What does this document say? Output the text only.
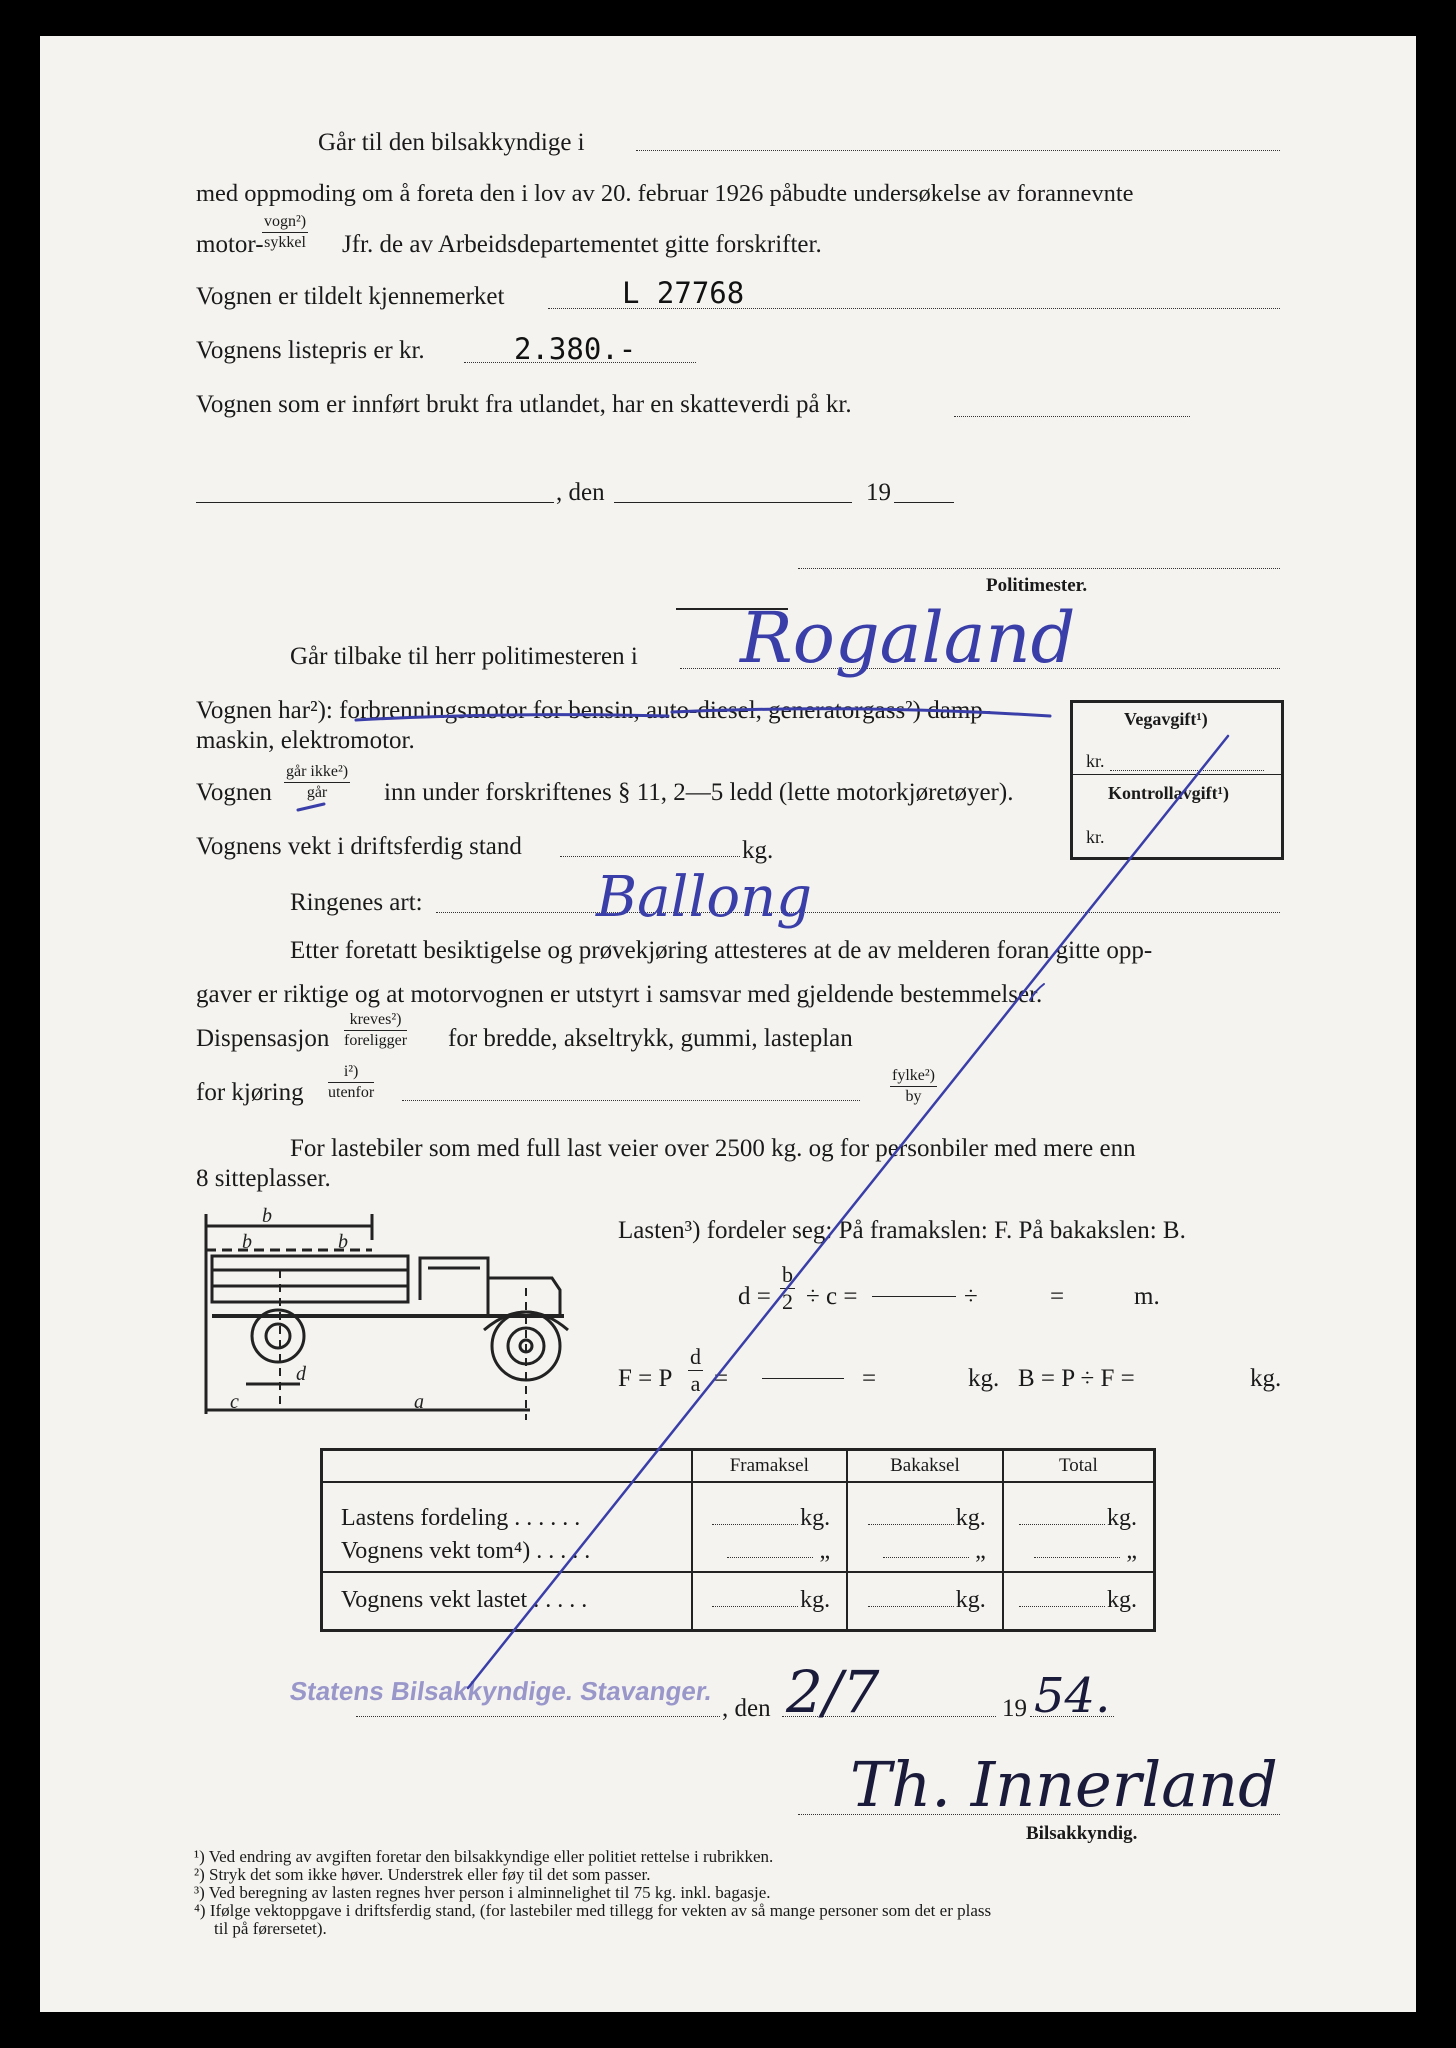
Går til den bilsakkyndige i
med oppmoding om å foreta den i lov av 20. februar 1926 påbudte undersøkelse av forannevnte
motor-
vogn²)
sykkel Jfr. de av Arbeidsdepartementet gitte forskrifter.
Vognen er tildelt kjennemerket	L 27768
Vognens listepris er kr.	2.380.-
Vognen som er innført brukt fra utlandet, har en skatteverdi på kr.
, den	19
Politimester.
Går tilbake til herr politimesteren i
Vognen har²): forbrenningsmotor for bensin, auto-diesel, generatorgass²) damp-
maskin, elektromotor.
Vognen
går ikke²)
går	inn under forskriftenes § 11, 2—5 ledd (lette motorkjøretøyer).
Vognens vekt i driftsferdig stand	kg.
Ringenes art:
Vegavgift¹)
kr.
Kontrollavgift¹)
kr.
Etter foretatt besiktigelse og prøvekjøring attesteres at de av melderen foran gitte opp-
gaver er riktige og at motorvognen er utstyrt i samsvar med gjeldende bestemmelser.
Dispensasjon
kreves²)
foreligger for bredde, akseltrykk, gummi, lasteplan
for kjøring
i²)
utenfor
fylke²)
by
For lastebiler som med full last veier over 2500 kg. og for personbiler med mere enn
8 sitteplasser.
Lasten³) fordeler seg: På framakslen: F. På bakakslen: B.
$d = \frac{b}{2} \div c$ =	÷	=	m.
F = P $\frac{d}{a}$ =	=	kg. B = P ÷ F =	kg.
b
b	b
d
c	a
	Framaksel	Bakaksel	Total
Lastens fordeling . . . . . .	kg.	kg.	kg.
Vognens vekt tom⁴) . . . . .	„	„	„
Vognens vekt lastet . . . . .	kg.	kg.	kg.
Statens Bilsakkyndige. Stavanger.
, den	19
Bilsakkyndig.
Rogaland
Ballong
2/7	54.
Th. Innerland
¹) Ved endring av avgiften foretar den bilsakkyndige eller politiet rettelse i rubrikken.
²) Stryk det som ikke høver. Understrek eller føy til det som passer.
³) Ved beregning av lasten regnes hver person i alminnelighet til 75 kg. inkl. bagasje.
⁴) Ifølge vektoppgave i driftsferdig stand, (for lastebiler med tillegg for vekten av så mange personer som det er plass
til på førersetet).
